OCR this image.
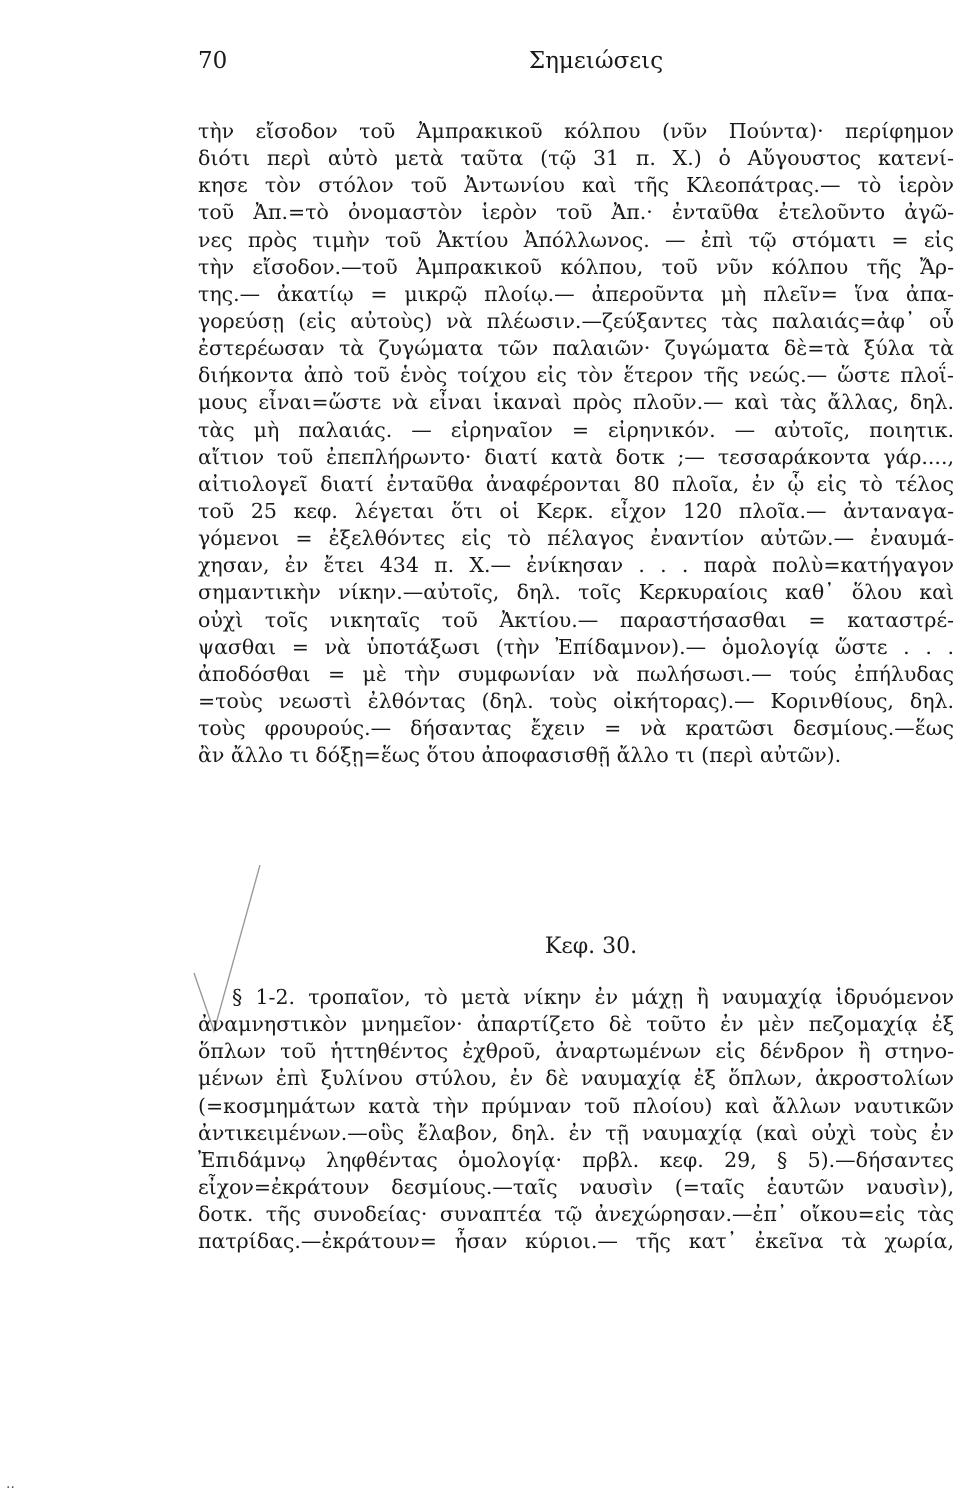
70	Σημειώσεις
τὴν εἴσοδον τοῦ Ἀμπρακικοῦ κόλπου (νῦν Πούντα)· περίφημον
διότι περὶ αὐτὸ μετὰ ταῦτα (τῷ 31 π. Χ.) ὁ Αὔγουστος κατενί-
κησε τὸν στόλον τοῦ Ἀντωνίου καὶ τῆς Κλεοπάτρας.— τὸ ἱερὸν
τοῦ Ἀπ.=τὸ ὀνομαστὸν ἱερὸν τοῦ Ἀπ.· ἐνταῦθα ἐτελοῦντο ἀγῶ-
νες πρὸς τιμὴν τοῦ Ἀκτίου Ἀπόλλωνος. — ἐπὶ τῷ στόματι = εἰς
τὴν εἴσοδον.—τοῦ Ἀμπρακικοῦ κόλπου, τοῦ νῦν κόλπου τῆς Ἄρ-
της.— ἀκατίῳ = μικρῷ πλοίῳ.— ἀπεροῦντα μὴ πλεῖν= ἵνα ἀπα-
γορεύσῃ (εἰς αὐτοὺς) νὰ πλέωσιν.—ζεύξαντες τὰς παλαιάς=ἀφ᾽ οὗ
ἐστερέωσαν τὰ ζυγώματα τῶν παλαιῶν· ζυγώματα δὲ=τὰ ξύλα τὰ
διήκοντα ἀπὸ τοῦ ἑνὸς τοίχου εἰς τὸν ἕτερον τῆς νεώς.— ὥστε πλοΐ-
μους εἶναι=ὥστε νὰ εἶναι ἱκαναὶ πρὸς πλοῦν.— καὶ τὰς ἄλλας, δηλ.
τὰς μὴ παλαιάς. — εἰρηναῖον = εἰρηνικόν. — αὐτοῖς, ποιητικ.
αἴτιον τοῦ ἐπεπλήρωντο· διατί κατὰ δοτκ ;— τεσσαράκοντα γάρ....,
αἰτιολογεῖ διατί ἐνταῦθα ἀναφέρονται 80 πλοῖα, ἐν ᾧ εἰς τὸ τέλος
τοῦ 25 κεφ. λέγεται ὅτι οἱ Κερκ. εἶχον 120 πλοῖα.— ἀνταναγα-
γόμενοι = ἐξελθόντες εἰς τὸ πέλαγος ἐναντίον αὐτῶν.— ἐναυμά-
χησαν, ἐν ἔτει 434 π. Χ.— ἐνίκησαν . . . παρὰ πολὺ=κατήγαγον
σημαντικὴν νίκην.—αὐτοῖς, δηλ. τοῖς Κερκυραίοις καθ᾽ ὅλου καὶ
οὐχὶ τοῖς νικηταῖς τοῦ Ἀκτίου.— παραστήσασθαι = καταστρέ-
ψασθαι = νὰ ὑποτάξωσι (τὴν Ἐπίδαμνον).— ὁμολογίᾳ ὥστε . . .
ἀποδόσθαι = μὲ τὴν συμφωνίαν νὰ πωλήσωσι.— τούς ἐπήλυδας
=τοὺς νεωστὶ ἐλθόντας (δηλ. τοὺς οἰκήτορας).— Κορινθίους, δηλ.
τοὺς φρουρούς.— δήσαντας ἔχειν = νὰ κρατῶσι δεσμίους.—ἕως
ἂν ἄλλο τι δόξῃ=ἕως ὅτου ἀποφασισθῇ ἄλλο τι (περὶ αὐτῶν).
Κεφ. 30.
§ 1-2. τροπαῖον, τὸ μετὰ νίκην ἐν μάχῃ ἢ ναυμαχίᾳ ἱδρυόμενον
ἀναμνηστικὸν μνημεῖον· ἀπαρτίζετο δὲ τοῦτο ἐν μὲν πεζομαχίᾳ ἐξ
ὅπλων τοῦ ἡττηθέντος ἐχθροῦ, ἀναρτωμένων εἰς δένδρον ἢ στηνο-
μένων ἐπὶ ξυλίνου στύλου, ἐν δὲ ναυμαχίᾳ ἐξ ὅπλων, ἀκροστολίων
(=κοσμημάτων κατὰ τὴν πρύμναν τοῦ πλοίου) καὶ ἄλλων ναυτικῶν
ἀντικειμένων.—οὓς ἔλαβον, δηλ. ἐν τῇ ναυμαχίᾳ (καὶ οὐχὶ τοὺς ἐν
Ἐπιδάμνῳ ληφθέντας ὁμολογίᾳ· πρβλ. κεφ. 29, § 5).—δήσαντες
εἶχον=ἐκράτουν δεσμίους.—ταῖς ναυσὶν (=ταῖς ἑαυτῶν ναυσὶν),
δοτκ. τῆς συνοδείας· συναπτέα τῷ ἀνεχώρησαν.—ἐπ᾽ οἴκου=εἰς τὰς
πατρίδας.—ἐκράτουν= ἦσαν κύριοι.— τῆς κατ᾽ ἐκεῖνα τὰ χωρία,
··
